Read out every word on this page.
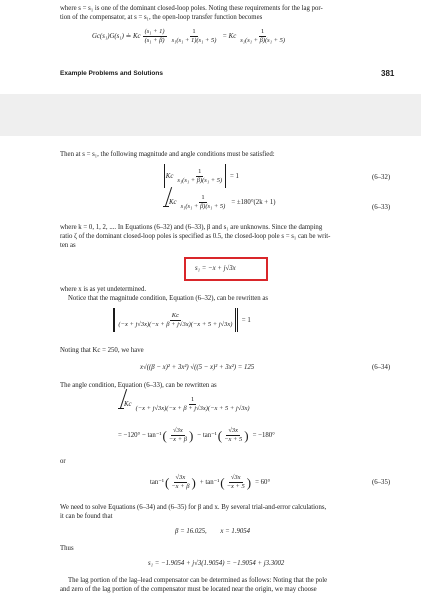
where s = s₁ is one of the dominant closed-loop poles. Noting these requirements for the lag por-
tion of the compensator, at s = s₁, the open-loop transfer function becomes
Gc(s₁)G(s₁) ≐ Kc $\frac{\text{(s₁ + 1)}}{\text{(s₁ + β)}} \frac{1}{\text{s₁(s₁ + 1)(s₁ + 5)}} = Kc \frac{1}{\text{s₁(s₁ + β)(s₁ + 5)}}$
Example Problems and Solutions	381
Then at s = s₁, the following magnitude and angle conditions must be satisfied:
Kc $\frac{1}{\text{s₁(s₁ + β)(s₁ + 5)}} = 1$	(6–32)
Kc $\frac{1}{\text{s₁(s₁ + β)(s₁ + 5)}} = \pm 180^\circ(2k + 1)$
(6–33)
where k = 0, 1, 2, .... In Equations (6–32) and (6–33), β and s₁ are unknowns. Since the damping
ratio ζ of the dominant closed-loop poles is specified as 0.5, the closed-loop pole s = s₁ can be writ-
ten as
s₁ = −x + j√3x
where x is as yet undetermined.
Notice that the magnitude condition, Equation (6–32), can be rewritten as
$\frac{Kc}{(-x + j√3x)(-x + \beta + j√3x)(-x + 5 + j√3x)} = 1$
Noting that Kc = 250, we have
x√((β − x)² + 3x²) √((5 − x)² + 3x²) = 125	(6–34)
The angle condition, Equation (6–33), can be rewritten as
Kc $\frac{1}{(-x + j√3x)(-x + \beta + j√3x)(-x + 5 + j√3x)}$
= −120° − tan⁻¹ ( $\frac{√3x}{-x + \beta}$ ) − tan⁻¹ ( $\frac{√3x}{-x + 5}$ ) = −180°
or
tan⁻¹ ( $\frac{√3x}{-x + \beta}$ ) + tan⁻¹ ( $\frac{√3x}{-x + 5}$ ) = 60°	(6–35)
We need to solve Equations (6–34) and (6–35) for β and x. By several trial-and-error calculations,
it can be found that
β = 16.025,        x = 1.9054
Thus
s₁ = −1.9054 + j√3(1.9054) = −1.9054 + j3.3002
The lag portion of the lag–lead compensator can be determined as follows: Noting that the pole
and zero of the lag portion of the compensator must be located near the origin, we may choose
